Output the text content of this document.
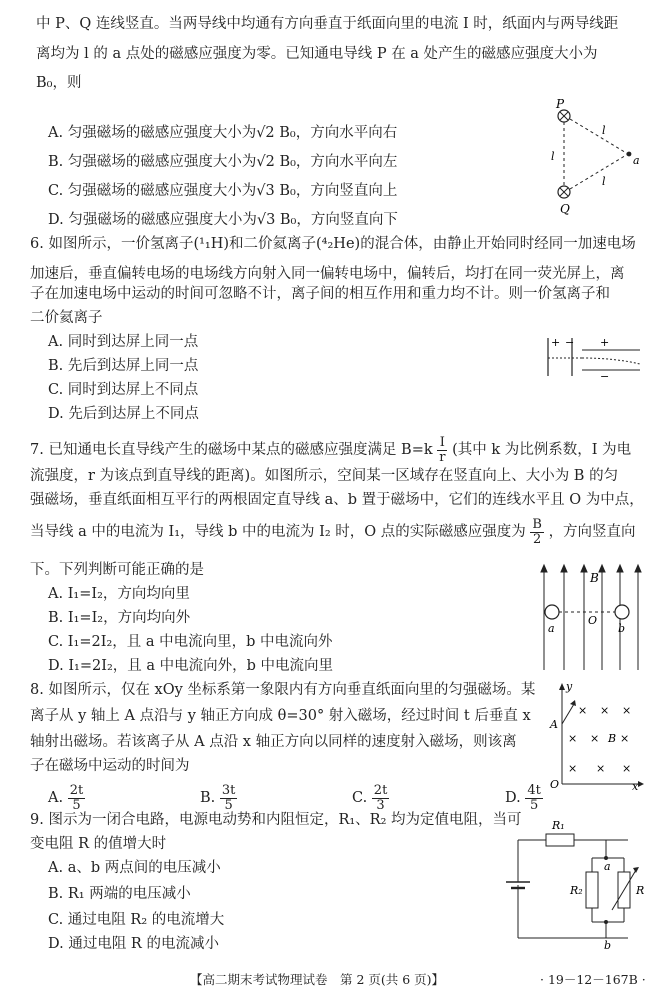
中 P、Q 连线竖直。当两导线中均通有方向垂直于纸面向里的电流 I 时，纸面内与两导线距
离均为 l 的 a 点处的磁感应强度为零。已知通电导线 P 在 a 处产生的磁感应强度大小为
B₀，则
A. 匀强磁场的磁感应强度大小为√2 B₀，方向水平向右
B. 匀强磁场的磁感应强度大小为√2 B₀，方向水平向左
C. 匀强磁场的磁感应强度大小为√3 B₀，方向竖直向上
D. 匀强磁场的磁感应强度大小为√3 B₀，方向竖直向下
P
Q
a
l
l
l
6. 如图所示，一价氢离子(¹₁H)和二价氦离子(⁴₂He)的混合体，由静止开始同时经同一加速电场
加速后，垂直偏转电场的电场线方向射入同一偏转电场中，偏转后，均打在同一荧光屏上，离
子在加速电场中运动的时间可忽略不计，离子间的相互作用和重力均不计。则一价氢离子和
二价氦离子
A. 同时到达屏上同一点
B. 先后到达屏上同一点
C. 同时到达屏上不同点
D. 先后到达屏上不同点
+ − +
−
7. 已知通电长直导线产生的磁场中某点的磁感应强度满足 $B=k \frac{I}{r}$ (其中 k 为比例系数，I 为电
流强度，r 为该点到直导线的距离)。如图所示，空间某一区域存在竖直向上、大小为 B 的匀
强磁场，垂直纸面相互平行的两根固定直导线 a、b 置于磁场中，它们的连线水平且 O 为中点，
当导线 a 中的电流为 I₁，导线 b 中的电流为 I₂ 时，O 点的实际磁感应强度为 $\frac{B}{2}$ ，方向竖直向
下。下列判断可能正确的是
A. I₁=I₂，方向均向里
B. I₁=I₂，方向均向外
C. I₁=2I₂，且 a 中电流向里，b 中电流向外
D. I₁=2I₂，且 a 中电流向外，b 中电流向里
B
a
O
b
8. 如图所示，仅在 xOy 坐标系第一象限内有方向垂直纸面向里的匀强磁场。某
离子从 y 轴上 A 点沿与 y 轴正方向成 θ=30° 射入磁场，经过时间 t 后垂直 x
轴射出磁场。若该离子从 A 点沿 x 轴正方向以同样的速度射入磁场，则该离
子在磁场中运动的时间为
A. $\frac{2t}{5}$	B. $\frac{3t}{5}$	C. $\frac{2t}{3}$	D. $\frac{4t}{5}$
y
x
O
A
B
× × ×
× × ×
× × ×
9. 图示为一闭合电路，电源电动势和内阻恒定，R₁、R₂ 均为定值电阻，当可
变电阻 R 的值增大时
A. a、b 两点间的电压减小
B. R₁ 两端的电压减小
C. 通过电阻 R₂ 的电流增大
D. 通过电阻 R 的电流减小
R₁
a
R₂	R
b
【高二期末考试物理试卷　第 2 页(共 6 页)】	· 19－12－167B ·
